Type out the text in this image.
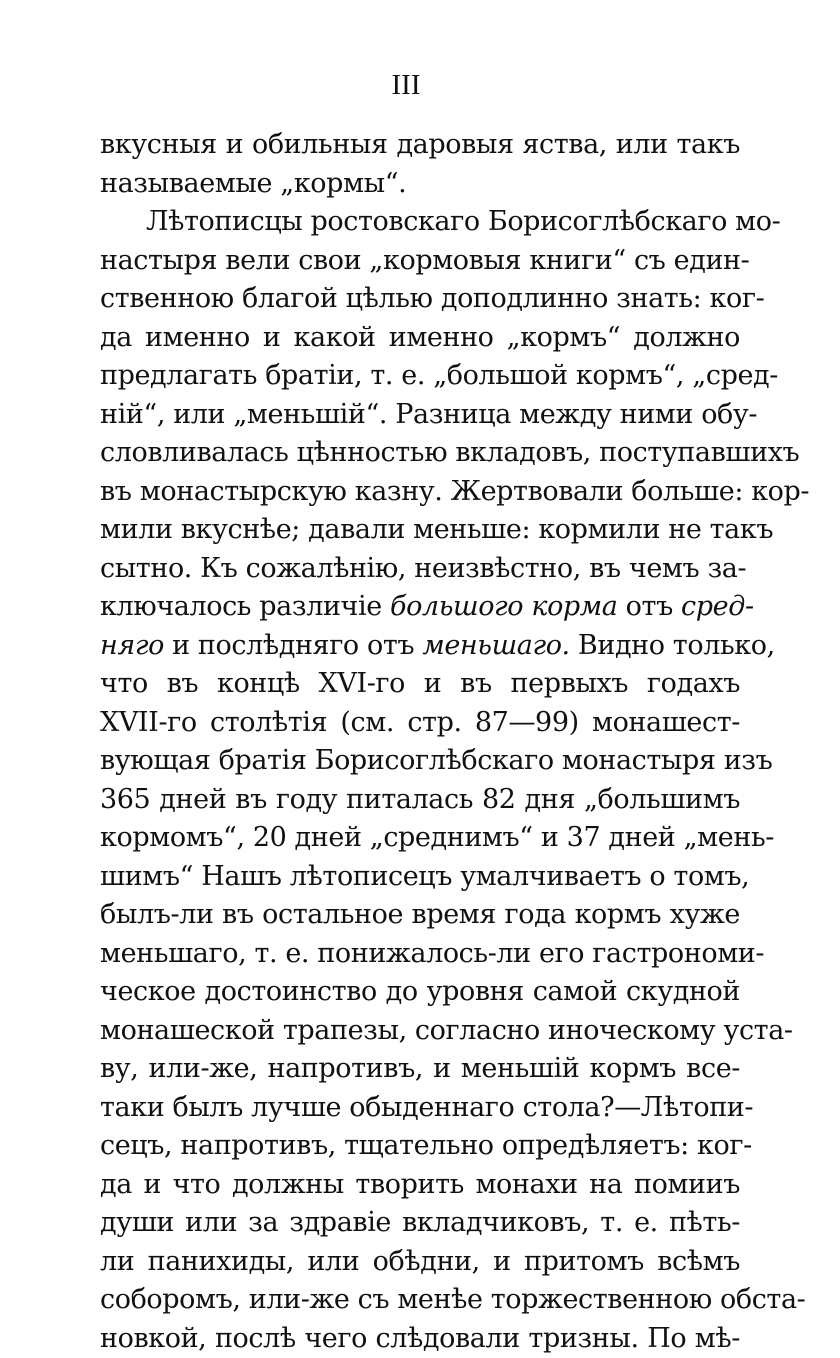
III
вкусныя и обильныя даровыя яства, или такъ
называемые „кормы“.
Лѣтописцы ростовскаго Борисоглѣбскаго мо-
настыря вели свои „кормовыя книги“ съ един-
ственною благой цѣлью доподлинно знать: ког-
да именно и какой именно „кормъ“ должно
предлагать братіи, т. е. „большой кормъ“, „сред-
ній“, или „меньшій“. Разница между ними обу-
словливалась цѣнностью вкладовъ, поступавшихъ
въ монастырскую казну. Жертвовали больше: кор-
мили вкуснѣе; давали меньше: кормили не такъ
сытно. Къ сожалѣнію, неизвѣстно, въ чемъ за-
ключалось различіе большого корма отъ сред-
няго и послѣдняго отъ меньшаго. Видно только,
что въ концѣ XVI-го и въ первыхъ годахъ
XVII-го столѣтія (см. стр. 87—99) монашест-
вующая братія Борисоглѣбскаго монастыря изъ
365 дней въ году питалась 82 дня „большимъ
кормомъ“, 20 дней „среднимъ“ и 37 дней „мень-
шимъ“ Нашъ лѣтописецъ умалчиваетъ о томъ,
былъ-ли въ остальное время года кормъ хуже
меньшаго, т. е. понижалось-ли его гастрономи-
ческое достоинство до уровня самой скудной
монашеской трапезы, согласно иноческому уста-
ву, или-же, напротивъ, и меньшій кормъ все-
таки былъ лучше обыденнаго стола?—Лѣтопи-
сецъ, напротивъ, тщательно опредѣляетъ: ког-
да и что должны творить монахи на помииъ
души или за здравіе вкладчиковъ, т. е. пѣть-
ли панихиды, или обѣдни, и притомъ всѣмъ
соборомъ, или-же съ менѣе торжественною обста-
новкой, послѣ чего слѣдовали тризны. По мѣ-
